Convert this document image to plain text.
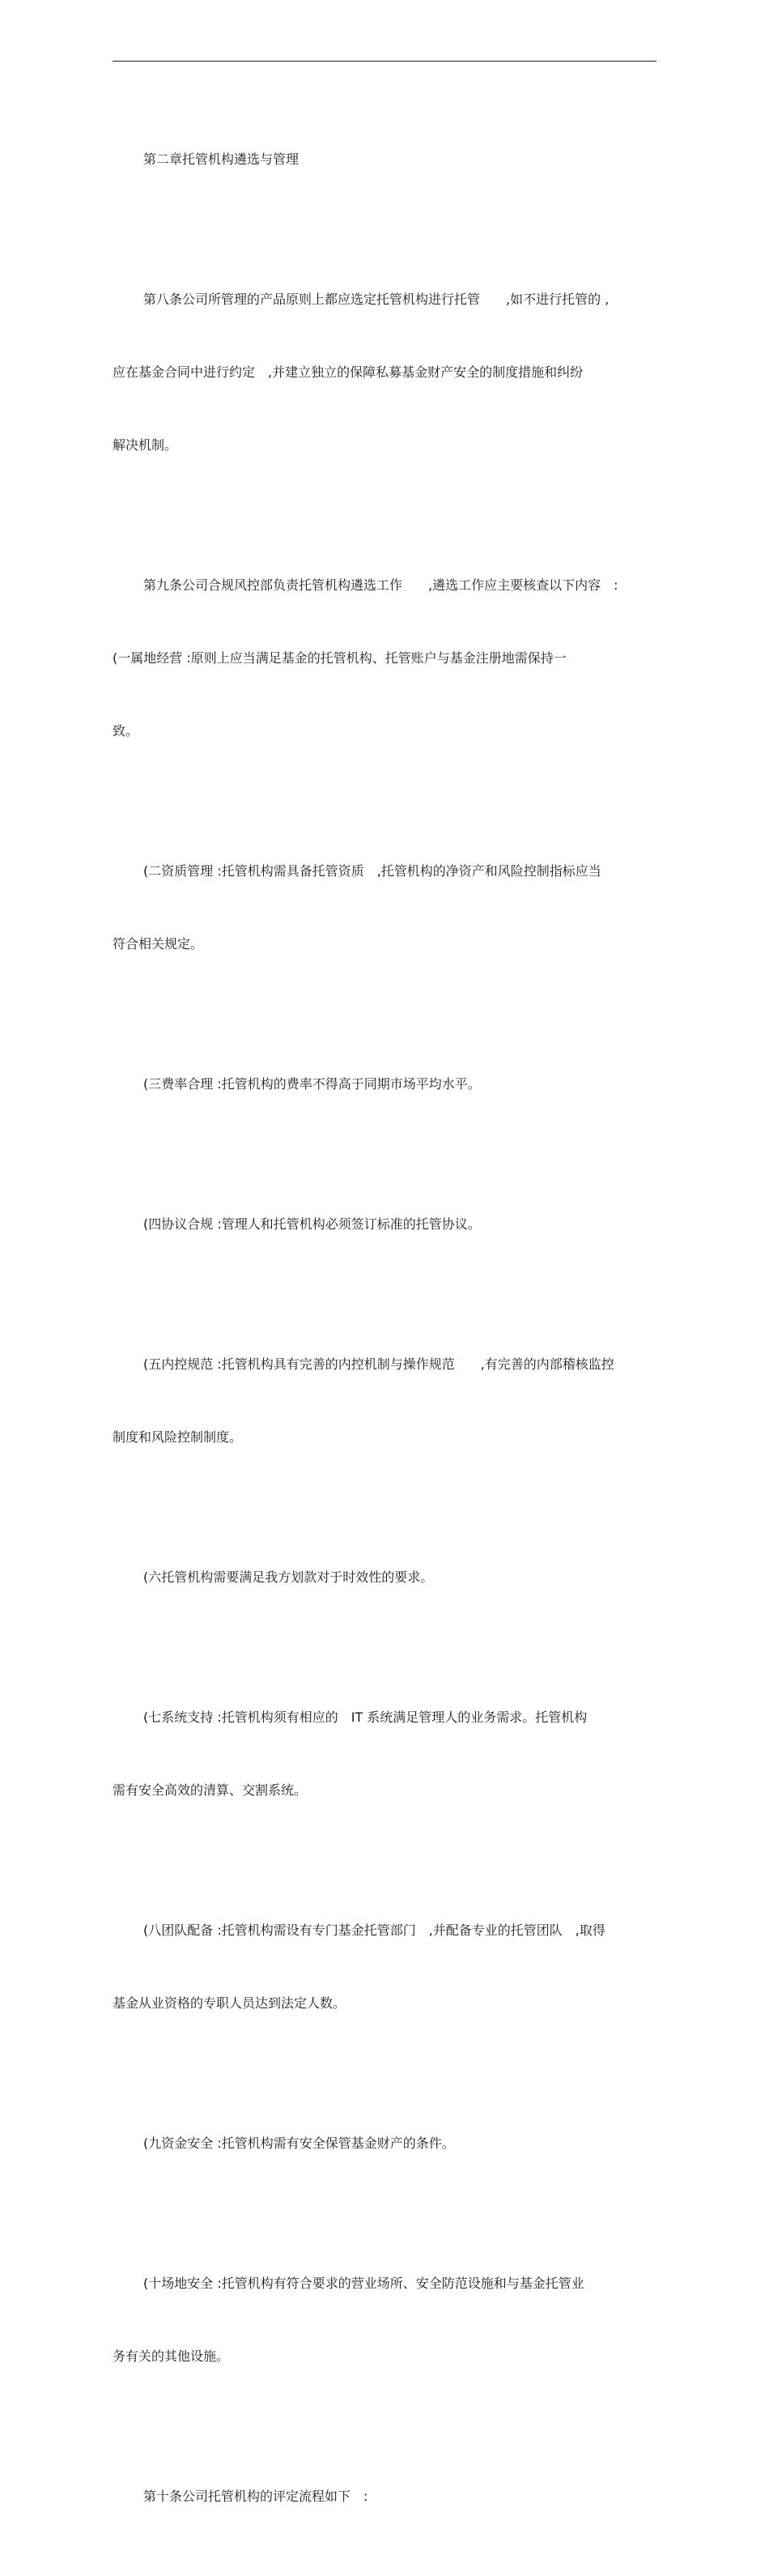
第二章托管机构遴选与管理

第八条公司所管理的产品原则上都应选定托管机构进行托管　　,如不进行托管的 ,

应在基金合同中进行约定　,并建立独立的保障私募基金财产安全的制度措施和纠纷

解决机制。

第九条公司合规风控部负责托管机构遴选工作　　,遴选工作应主要核查以下内容　:

(一属地经营 :原则上应当满足基金的托管机构、托管账户与基金注册地需保持一

致。

(二资质管理 :托管机构需具备托管资质　,托管机构的净资产和风险控制指标应当

符合相关规定。

(三费率合理 :托管机构的费率不得高于同期市场平均水平。

(四协议合规 :管理人和托管机构必须签订标准的托管协议。

(五内控规范 :托管机构具有完善的内控机制与操作规范　　,有完善的内部稽核监控

制度和风险控制制度。

(六托管机构需要满足我方划款对于时效性的要求。

(七系统支持 :托管机构须有相应的　IT 系统满足管理人的业务需求。托管机构

需有安全高效的清算、交割系统。

(八团队配备 :托管机构需设有专门基金托管部门　,并配备专业的托管团队　,取得

基金从业资格的专职人员达到法定人数。

(九资金安全 :托管机构需有安全保管基金财产的条件。

(十场地安全 :托管机构有符合要求的营业场所、安全防范设施和与基金托管业

务有关的其他设施。

第十条公司托管机构的评定流程如下　:
